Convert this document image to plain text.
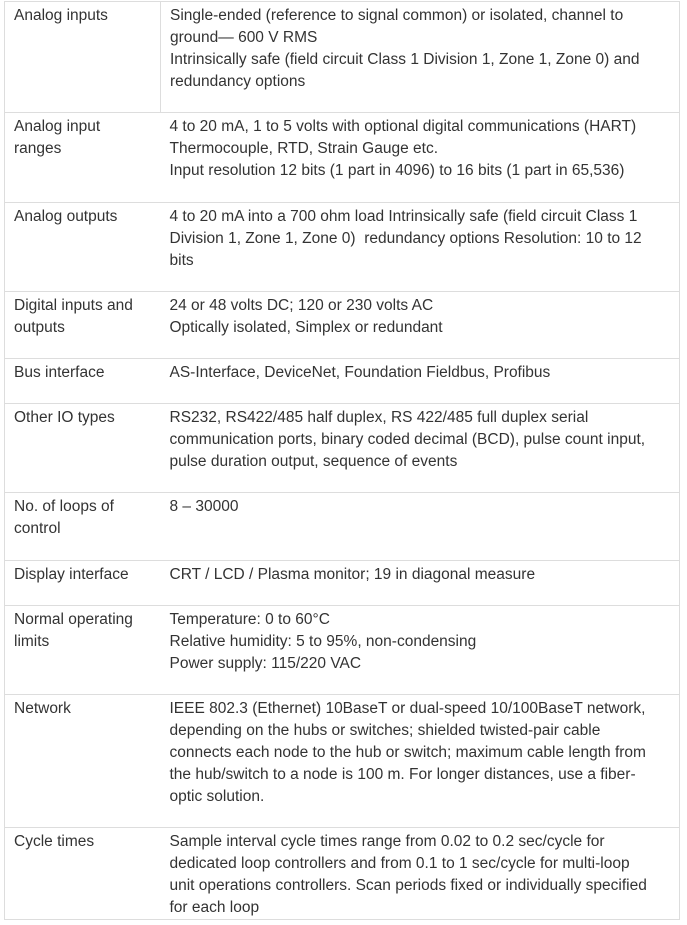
Analog inputs	Single-ended (reference to signal common) or isolated, channel to
ground— 600 V RMS
Intrinsically safe (field circuit Class 1 Division 1, Zone 1, Zone 0) and
redundancy options

Analog input ranges	4 to 20 mA, 1 to 5 volts with optional digital communications (HART)
Thermocouple, RTD, Strain Gauge etc.
Input resolution 12 bits (1 part in 4096) to 16 bits (1 part in 65,536)

Analog outputs	4 to 20 mA into a 700 ohm load Intrinsically safe (field circuit Class 1
Division 1, Zone 1, Zone 0)  redundancy options Resolution: 10 to 12
bits

Digital inputs and outputs	24 or 48 volts DC; 120 or 230 volts AC
Optically isolated, Simplex or redundant

Bus interface	AS-Interface, DeviceNet, Foundation Fieldbus, Profibus

Other IO types	RS232, RS422/485 half duplex, RS 422/485 full duplex serial
communication ports, binary coded decimal (BCD), pulse count input,
pulse duration output, sequence of events

No. of loops of control	8 – 30000

Display interface	CRT / LCD / Plasma monitor; 19 in diagonal measure

Normal operating limits	Temperature: 0 to 60°C
Relative humidity: 5 to 95%, non-condensing
Power supply: 115/220 VAC

Network	IEEE 802.3 (Ethernet) 10BaseT or dual-speed 10/100BaseT network,
depending on the hubs or switches; shielded twisted-pair cable
connects each node to the hub or switch; maximum cable length from
the hub/switch to a node is 100 m. For longer distances, use a fiber-
optic solution.

Cycle times	Sample interval cycle times range from 0.02 to 0.2 sec/cycle for
dedicated loop controllers and from 0.1 to 1 sec/cycle for multi-loop
unit operations controllers. Scan periods fixed or individually specified
for each loop
